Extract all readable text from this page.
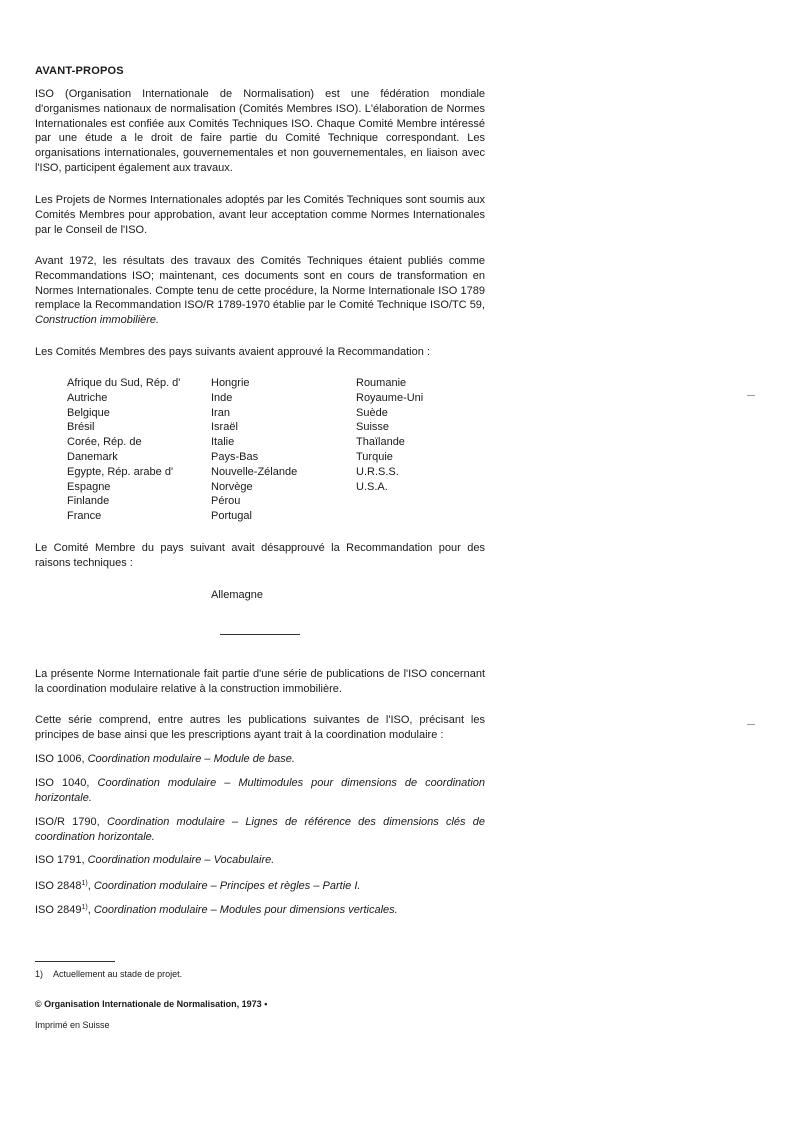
AVANT-PROPOS

ISO (Organisation Internationale de Normalisation) est une fédération mondiale d'organismes nationaux de normalisation (Comités Membres ISO). L'élaboration de Normes Internationales est confiée aux Comités Techniques ISO. Chaque Comité Membre intéressé par une étude a le droit de faire partie du Comité Technique correspondant. Les organisations internationales, gouvernementales et non gouvernementales, en liaison avec l'ISO, participent également aux travaux.

Les Projets de Normes Internationales adoptés par les Comités Techniques sont soumis aux Comités Membres pour approbation, avant leur acceptation comme Normes Internationales par le Conseil de l'ISO.

Avant 1972, les résultats des travaux des Comités Techniques étaient publiés comme Recommandations ISO; maintenant, ces documents sont en cours de transformation en Normes Internationales. Compte tenu de cette procédure, la Norme Internationale ISO 1789 remplace la Recommandation ISO/R 1789-1970 établie par le Comité Technique ISO/TC 59, Construction immobilière.

Les Comités Membres des pays suivants avaient approuvé la Recommandation :

Afrique du Sud, Rép. d'
Autriche
Belgique
Brésil
Corée, Rép. de
Danemark
Egypte, Rép. arabe d'
Espagne
Finlande
France
Hongrie
Inde
Iran
Israël
Italie
Pays-Bas
Nouvelle-Zélande
Norvège
Pérou
Portugal
Roumanie
Royaume-Uni
Suède
Suisse
Thaïlande
Turquie
U.R.S.S.
U.S.A.

Le Comité Membre du pays suivant avait désapprouvé la Recommandation pour des raisons techniques :

Allemagne

La présente Norme Internationale fait partie d'une série de publications de l'ISO concernant la coordination modulaire relative à la construction immobilière.

Cette série comprend, entre autres les publications suivantes de l'ISO, précisant les principes de base ainsi que les prescriptions ayant trait à la coordination modulaire :

ISO 1006, Coordination modulaire – Module de base.

ISO 1040, Coordination modulaire – Multimodules pour dimensions de coordination horizontale.

ISO/R 1790, Coordination modulaire – Lignes de référence des dimensions clés de coordination horizontale.

ISO 1791, Coordination modulaire – Vocabulaire.

ISO 2848$^{1)}$, Coordination modulaire – Principes et règles – Partie I.

ISO 2849$^{1)}$, Coordination modulaire – Modules pour dimensions verticales.

1) Actuellement au stade de projet.
© Organisation Internationale de Normalisation, 1973 •
Imprimé en Suisse
